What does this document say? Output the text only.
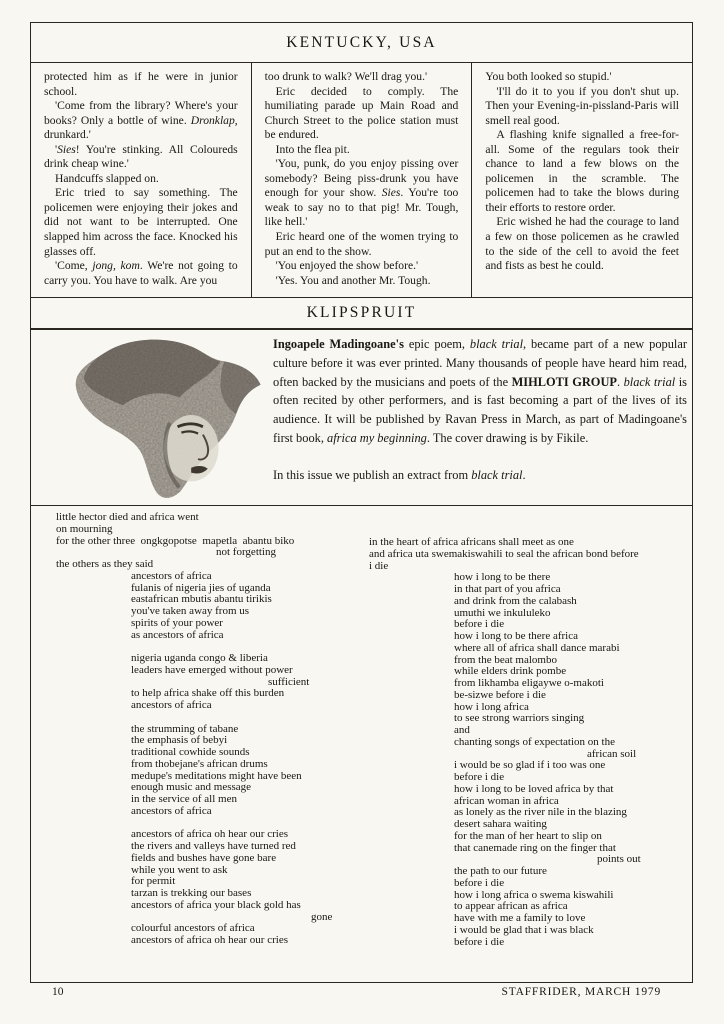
KENTUCKY, USA

protected him as if he were in junior school.

'Come from the library? Where's your books? Only a bottle of wine. Dronklap, drunkard.'

'Sies! You're stinking. All Coloureds drink cheap wine.'

Handcuffs slapped on.

Eric tried to say something. The policemen were enjoying their jokes and did not want to be interrupted. One slapped him across the face. Knocked his glasses off.

'Come, jong, kom. We're not going to carry you. You have to walk. Are you

too drunk to walk? We'll drag you.'

Eric decided to comply. The humiliating parade up Main Road and Church Street to the police station must be endured.

Into the flea pit.

'You, punk, do you enjoy pissing over somebody? Being piss-drunk you have enough for your show. Sies. You're too weak to say no to that pig! Mr. Tough, like hell.'

Eric heard one of the women trying to put an end to the show.

'You enjoyed the show before.'

'Yes. You and another Mr. Tough.

You both looked so stupid.'

'I'll do it to you if you don't shut up. Then your Evening-in-pissland-Paris will smell real good.

A flashing knife signalled a free-for-all. Some of the regulars took their chance to land a few blows on the policemen in the scramble. The policemen had to take the blows during their efforts to restore order.

Eric wished he had the courage to land a few on those policemen as he crawled to the side of the cell to avoid the feet and fists as best he could.

KLIPSPRUIT

Ingoapele Madingoane's epic poem, black trial, became part of a new popular culture before it was ever printed. Many thousands of people have heard him read, often backed by the musicians and poets of the MIHLOTI GROUP. black trial is often recited by other performers, and is fast becoming a part of the lives of its audience. It will be published by Ravan Press in March, as part of Madingoane's first book, africa my beginning. The cover drawing is by Fikile.

In this issue we publish an extract from black trial.

little hector died and africa went
on mourning
for the other three  ongkgopotse  mapetla  abantu biko
not forgetting
the others as they said
ancestors of africa
fulanis of nigeria jies of uganda
eastafrican mbutis abantu tirikis
you've taken away from us
spirits of your power
as ancestors of africa

nigeria uganda congo & liberia
leaders have emerged without power
sufficient
to help africa shake off this burden
ancestors of africa

the strumming of tabane
the emphasis of bebyi
traditional cowhide sounds
from thobejane's african drums
medupe's meditations might have been
enough music and message
in the service of all men
ancestors of africa

ancestors of africa oh hear our cries
the rivers and valleys have turned red
fields and bushes have gone bare
while you went to ask
for permit
tarzan is trekking our bases
ancestors of africa your black gold has
gone
colourful ancestors of africa
ancestors of africa oh hear our cries
in the heart of africa africans shall meet as one
and africa uta swemakiswahili to seal the african bond before
i die
how i long to be there
in that part of you africa
and drink from the calabash
umuthi we inkululeko
before i die
how i long to be there africa
where all of africa shall dance marabi
from the beat malombo
while elders drink pombe
from likhamba eligaywe o-makoti
be-sizwe before i die
how i long africa
to see strong warriors singing
and
chanting songs of expectation on the
african soil
i would be so glad if i too was one
before i die
how i long to be loved africa by that
african woman in africa
as lonely as the river nile in the blazing
desert sahara waiting
for the man of her heart to slip on
that canemade ring on the finger that
points out
the path to our future
before i die
how i long africa o swema kiswahili
to appear african as africa
have with me a family to love
i would be glad that i was black
before i die
10	STAFFRIDER, MARCH 1979
